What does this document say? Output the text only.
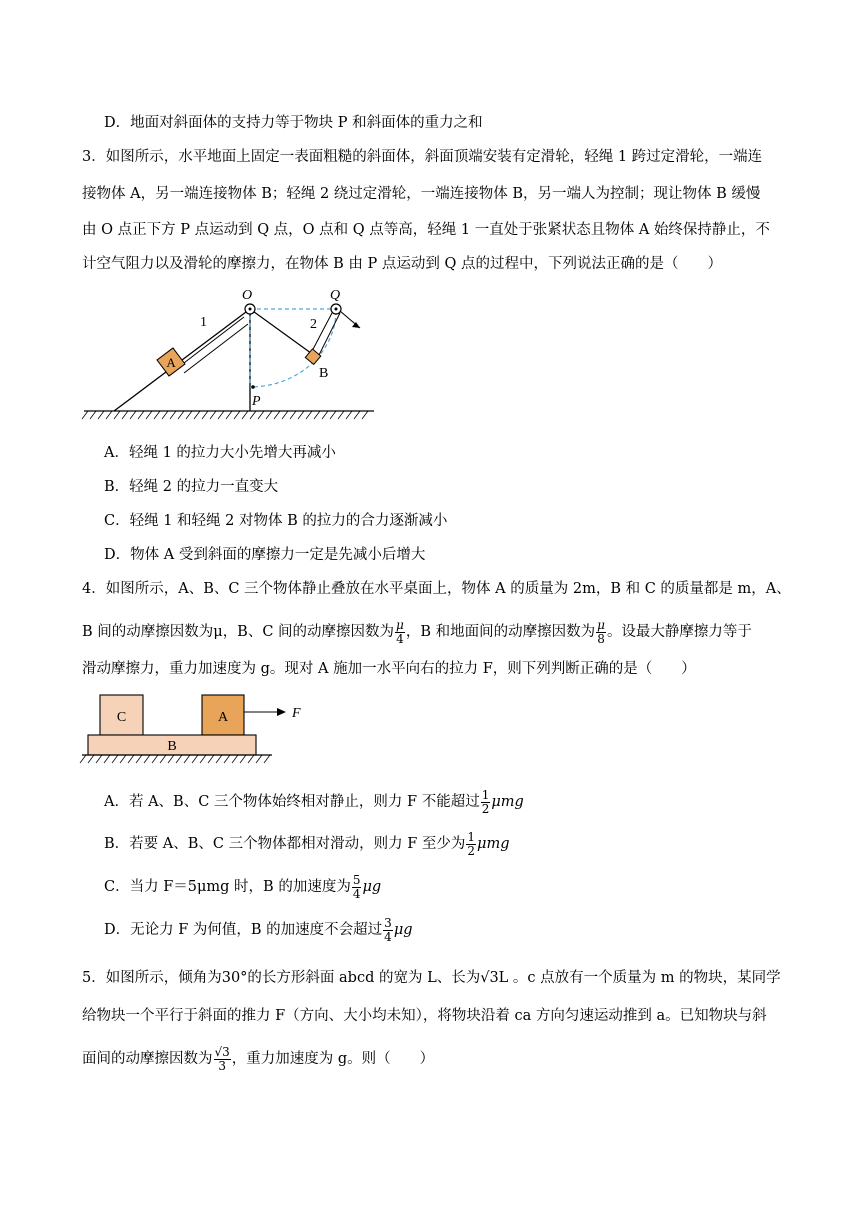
D．地面对斜面体的支持力等于物块 P 和斜面体的重力之和
3．如图所示，水平地面上固定一表面粗糙的斜面体，斜面顶端安装有定滑轮，轻绳 1 跨过定滑轮，一端连
接物体 A，另一端连接物体 B；轻绳 2 绕过定滑轮，一端连接物体 B，另一端人为控制；现让物体 B 缓慢
由 O 点正下方 P 点运动到 Q 点，O 点和 Q 点等高，轻绳 1 一直处于张紧状态且物体 A 始终保持静止，不
计空气阻力以及滑轮的摩擦力，在物体 B 由 P 点运动到 Q 点的过程中，下列说法正确的是（　　）
A
O	Q
1	2
B
P
A．轻绳 1 的拉力大小先增大再减小
B．轻绳 2 的拉力一直变大
C．轻绳 1 和轻绳 2 对物体 B 的拉力的合力逐渐减小
D．物体 A 受到斜面的摩擦力一定是先减小后增大
4．如图所示，A、B、C 三个物体静止叠放在水平桌面上，物体 A 的质量为 2m，B 和 C 的质量都是 m，A、
B 间的动摩擦因数为μ，B、C 间的动摩擦因数为 $\frac{\mu}{4}$ ，B 和地面间的动摩擦因数为 $\frac{\mu}{8}$ 。设最大静摩擦力等于
滑动摩擦力，重力加速度为 g。现对 A 施加一水平向右的拉力 F，则下列判断正确的是（　　）
C	A	F
B
A．若 A、B、C 三个物体始终相对静止，则力 F 不能超过 $\frac{1}{2}$ μmg
B．若要 A、B、C 三个物体都相对滑动，则力 F 至少为 $\frac{1}{2}$ μmg
C．当力 F＝5μmg 时，B 的加速度为 $\frac{5}{4}$ μg
D．无论力 F 为何值，B 的加速度不会超过 $\frac{3}{4}$ μg
5．如图所示，倾角为30°的长方形斜面 abcd 的宽为 L、长为√3L 。c 点放有一个质量为 m 的物块，某同学
给物块一个平行于斜面的推力 F（方向、大小均未知），将物块沿着 ca 方向匀速运动推到 a。已知物块与斜
面间的动摩擦因数为 $\frac{√3}{3}$ ，重力加速度为 g。则（　　）
